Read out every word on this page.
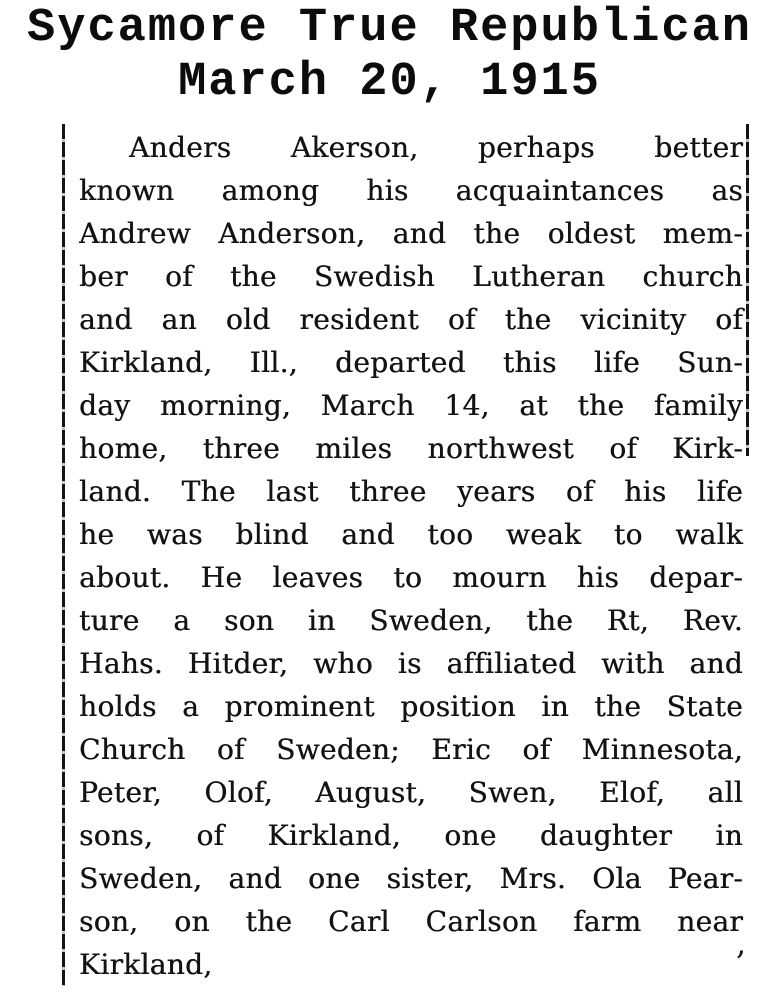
Sycamore True Republican
March 20, 1915
Anders Akerson, perhaps better
known among his acquaintances as
Andrew Anderson, and the oldest mem-
ber of the Swedish Lutheran church
and an old resident of the vicinity of
Kirkland, Ill., departed this life Sun-
day morning, March 14, at the family
home, three miles northwest of Kirk-
land. The last three years of his life
he was blind and too weak to walk
about. He leaves to mourn his depar-
ture a son in Sweden, the Rt, Rev.
Hahs. Hitder, who is affiliated with and
holds a prominent position in the State
Church of Sweden; Eric of Minnesota,
Peter, Olof, August, Swen, Elof, all
sons, of Kirkland, one daughter in
Sweden, and one sister, Mrs. Ola Pear-
son, on the Carl Carlson farm near
Kirkland,
,
